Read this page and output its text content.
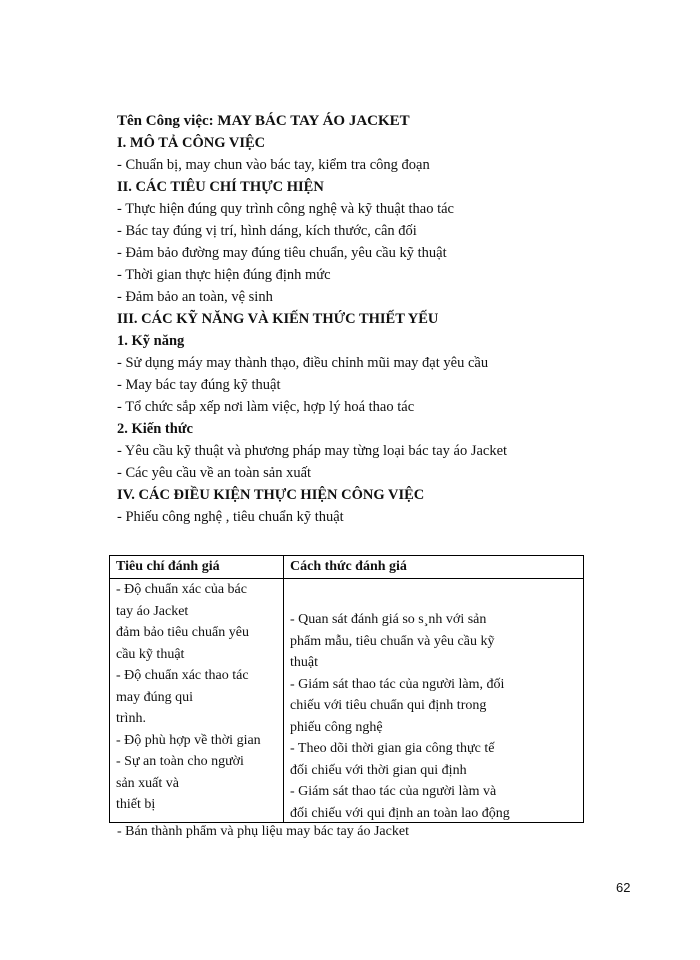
Tên Công việc: MAY BÁC TAY ÁO JACKET
I. MÔ TẢ CÔNG VIỆC
- Chuẩn bị, may chun vào bác tay, kiểm tra công đoạn
II. CÁC TIÊU CHÍ THỰC HIỆN
- Thực hiện đúng quy trình công nghệ và kỹ thuật thao tác
- Bác tay đúng vị trí, hình dáng, kích thước, cân đối
- Đảm bảo đường may đúng tiêu chuẩn, yêu cầu kỹ thuật
- Thời gian thực hiện đúng định mức
- Đảm bảo an toàn, vệ sinh
III. CÁC KỸ NĂNG VÀ KIẾN THỨC THIẾT YẾU
1. Kỹ năng
- Sử dụng máy may thành thạo, điều chỉnh mũi may đạt yêu cầu
- May bác tay đúng kỹ thuật
- Tổ chức sắp xếp nơi làm việc, hợp lý hoá thao tác
2. Kiến thức
- Yêu cầu kỹ thuật và phương pháp may từng loại bác tay áo Jacket
- Các yêu cầu về an toàn sản xuất
IV. CÁC ĐIỀU KIỆN THỰC HIỆN CÔNG VIỆC
- Phiếu công nghệ , tiêu chuẩn kỹ thuật
Tiêu chí đánh giá	Cách thức đánh giá
- Độ chuẩn xác của bác
tay áo Jacket
đảm bảo tiêu chuẩn yêu
cầu kỹ thuật
- Độ chuẩn xác thao tác
may đúng qui
trình.
- Độ phù hợp về thời gian
- Sự an toàn cho người
sản xuất và
thiết bị
- Quan sát đánh giá so s¸nh với sản
phẩm mẫu, tiêu chuẩn và yêu cầu kỹ
thuật
- Giám sát thao tác của người làm, đối
chiếu với tiêu chuẩn qui định trong
phiếu công nghệ
- Theo dõi thời gian gia công thực tế
đối chiếu với thời gian qui định
- Giám sát thao tác của người làm và
đối chiếu với qui định an toàn lao động
- Bán thành phẩm và phụ liệu may bác tay áo Jacket
62
